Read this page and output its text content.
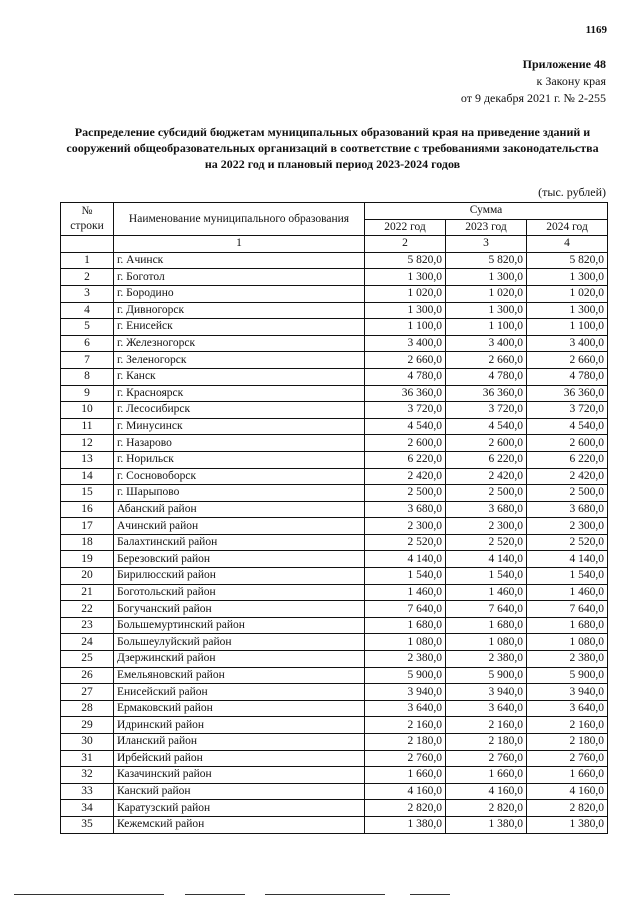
1169
Приложение 48
к Закону края
от 9 декабря 2021 г. № 2-255
Распределение субсидий бюджетам муниципальных образований края на приведение зданий и сооружений общеобразовательных организаций в соответствие с требованиями законодательства на 2022 год и плановый период 2023-2024 годов
(тыс. рублей)
№ строки	Наименование муниципального образования	Сумма		
		2022 год	2023 год	2024 год
	1	2	3	4
1	г. Ачинск	5 820,0	5 820,0	5 820,0
2	г. Боготол	1 300,0	1 300,0	1 300,0
3	г. Бородино	1 020,0	1 020,0	1 020,0
4	г. Дивногорск	1 300,0	1 300,0	1 300,0
5	г. Енисейск	1 100,0	1 100,0	1 100,0
6	г. Железногорск	3 400,0	3 400,0	3 400,0
7	г. Зеленогорск	2 660,0	2 660,0	2 660,0
8	г. Канск	4 780,0	4 780,0	4 780,0
9	г. Красноярск	36 360,0	36 360,0	36 360,0
10	г. Лесосибирск	3 720,0	3 720,0	3 720,0
11	г. Минусинск	4 540,0	4 540,0	4 540,0
12	г. Назарово	2 600,0	2 600,0	2 600,0
13	г. Норильск	6 220,0	6 220,0	6 220,0
14	г. Сосновоборск	2 420,0	2 420,0	2 420,0
15	г. Шарыпово	2 500,0	2 500,0	2 500,0
16	Абанский район	3 680,0	3 680,0	3 680,0
17	Ачинский район	2 300,0	2 300,0	2 300,0
18	Балахтинский район	2 520,0	2 520,0	2 520,0
19	Березовский район	4 140,0	4 140,0	4 140,0
20	Бирилюсский район	1 540,0	1 540,0	1 540,0
21	Боготольский район	1 460,0	1 460,0	1 460,0
22	Богучанский район	7 640,0	7 640,0	7 640,0
23	Большемуртинский район	1 680,0	1 680,0	1 680,0
24	Большеулуйский район	1 080,0	1 080,0	1 080,0
25	Дзержинский район	2 380,0	2 380,0	2 380,0
26	Емельяновский район	5 900,0	5 900,0	5 900,0
27	Енисейский район	3 940,0	3 940,0	3 940,0
28	Ермаковский район	3 640,0	3 640,0	3 640,0
29	Идринский район	2 160,0	2 160,0	2 160,0
30	Иланский район	2 180,0	2 180,0	2 180,0
31	Ирбейский район	2 760,0	2 760,0	2 760,0
32	Казачинский район	1 660,0	1 660,0	1 660,0
33	Канский район	4 160,0	4 160,0	4 160,0
34	Каратузский район	2 820,0	2 820,0	2 820,0
35	Кежемский район	1 380,0	1 380,0	1 380,0
